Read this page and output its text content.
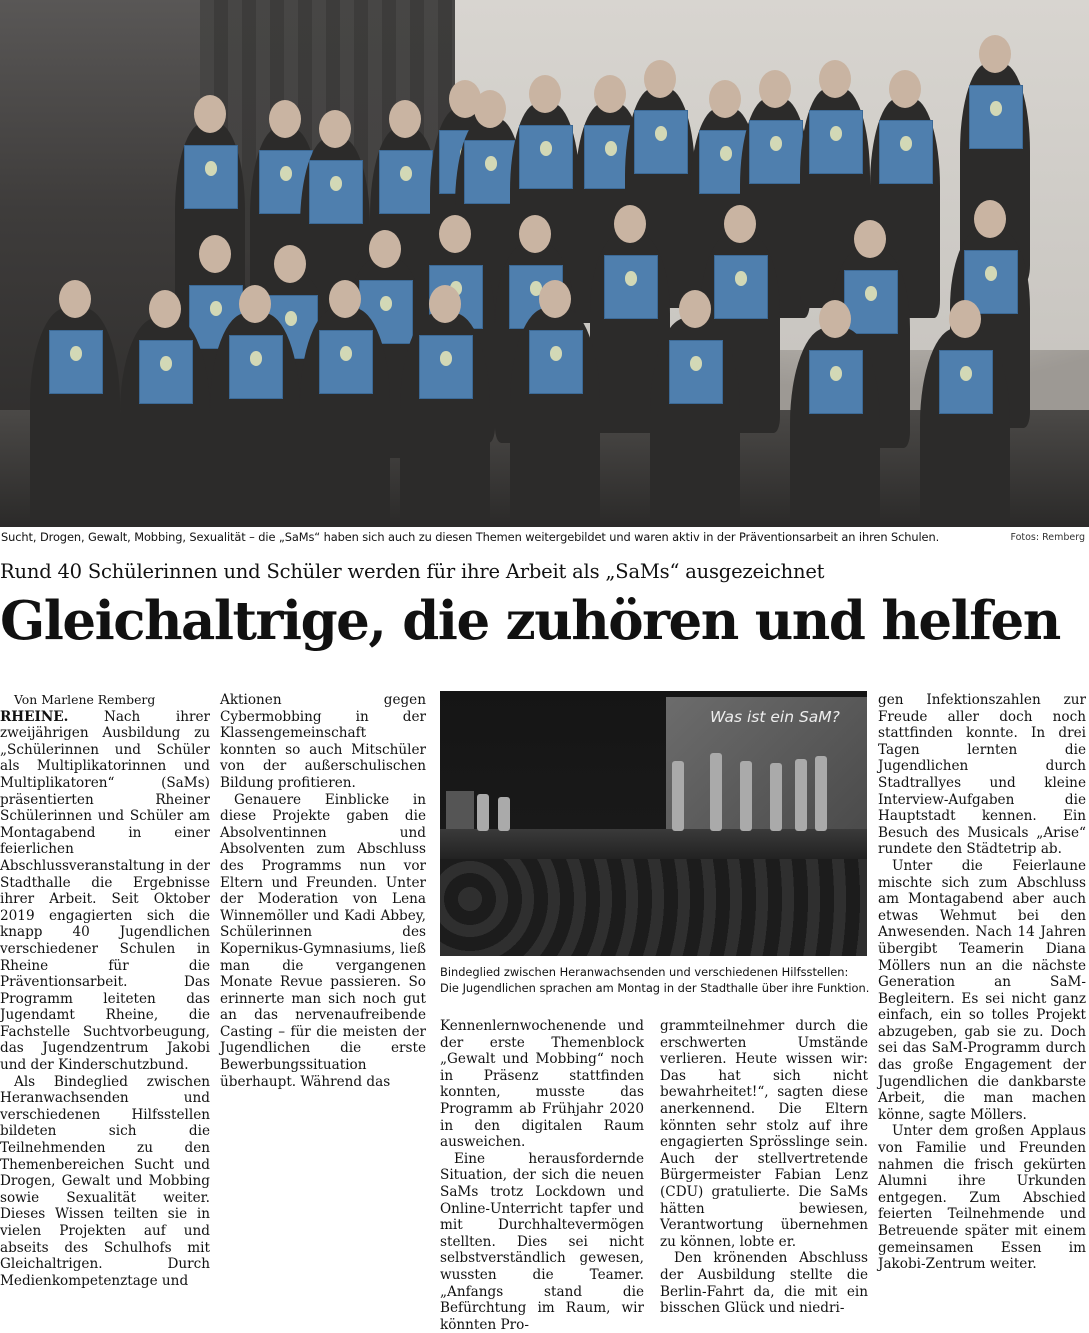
Sucht, Drogen, Gewalt, Mobbing, Sexualität – die „SaMs“ haben sich auch zu diesen Themen weitergebildet und waren aktiv in der Präventionsarbeit an ihren Schulen.	Fotos: Remberg
Rund 40 Schülerinnen und Schüler werden für ihre Arbeit als „SaMs“ ausgezeichnet
Gleichaltrige, die zuhören und helfen

Von Marlene Remberg

RHEINE.	Nach ihrer zweijährigen Ausbildung zu „Schülerinnen und Schüler als Multiplikatorinnen und Multiplikatoren“ (SaMs) präsentierten Rheiner Schülerinnen und Schüler am Montagabend in einer feierlichen Abschlussveranstaltung in der Stadthalle die Ergebnisse ihrer Arbeit. Seit Oktober 2019 engagierten sich die knapp 40 Jugendlichen verschiedener Schulen in Rheine für die Präventionsarbeit. Das Programm leiteten das Jugendamt Rheine, die Fachstelle Suchtvorbeugung, das Jugendzentrum Jakobi und der Kinderschutzbund.

Als Bindeglied zwischen Heranwachsenden und verschiedenen Hilfsstellen bildeten sich die Teilnehmenden zu den Themenbereichen Sucht und Drogen, Gewalt und Mobbing sowie Sexualität weiter. Dieses Wissen teilten sie in vielen Projekten auf und abseits des Schulhofs mit Gleichaltrigen. Durch Medienkompetenztage und

Aktionen gegen Cybermobbing in der Klassengemeinschaft konnten so auch Mitschüler von der außerschulischen Bildung profitieren.

Genauere Einblicke in diese Projekte gaben die Absolventinnen und Absolventen zum Abschluss des Programms nun vor Eltern und Freunden. Unter der Moderation von Lena Winnemöller und Kadi Abbey, Schülerinnen des Kopernikus-Gymnasiums, ließ man die vergangenen Monate Revue passieren. So erinnerte man sich noch gut an das nervenaufreibende Casting – für die meisten der Jugendlichen die erste Bewerbungssituation überhaupt. Während das

Was ist ein SaM?
Bindeglied zwischen Heranwachsenden und verschiedenen Hilfsstellen: Die Jugendlichen sprachen am Montag in der Stadthalle über ihre Funktion.

Kennenlernwochenende und der erste Themenblock „Gewalt und Mobbing“ noch in Präsenz stattfinden konnten, musste das Programm ab Frühjahr 2020 in den digitalen Raum ausweichen.

Eine herausfordernde Situation, der sich die neuen SaMs trotz Lockdown und Online-Unterricht tapfer und mit Durchhaltevermögen stellten. Dies sei nicht selbstverständlich gewesen, wussten die Teamer. „Anfangs stand die Befürchtung im Raum, wir könnten Pro-

grammteilnehmer durch die erschwerten Umstände verlieren. Heute wissen wir: Das hat sich nicht bewahrheitet!“, sagten diese anerkennend. Die Eltern könnten sehr stolz auf ihre engagierten Sprösslinge sein. Auch der stellvertretende Bürgermeister Fabian Lenz (CDU) gratulierte. Die SaMs hätten bewiesen, Verantwortung übernehmen zu können, lobte er.

Den krönenden Abschluss der Ausbildung stellte die Berlin-Fahrt da, die mit ein bisschen Glück und niedri-

gen Infektionszahlen zur Freude aller doch noch stattfinden konnte. In drei Tagen lernten die Jugendlichen durch Stadtrallyes und kleine Interview-Aufgaben die Hauptstadt kennen. Ein Besuch des Musicals „Arise“ rundete den Städtetrip ab.

Unter die Feierlaune mischte sich zum Abschluss am Montagabend aber auch etwas Wehmut bei den Anwesenden. Nach 14 Jahren übergibt Teamerin Diana Möllers nun an die nächste Generation an SaM-Begleitern. Es sei nicht ganz einfach, ein so tolles Projekt abzugeben, gab sie zu. Doch sei das SaM-Programm durch das große Engagement der Jugendlichen die dankbarste Arbeit, die man machen könne, sagte Möllers.

Unter dem großen Applaus von Familie und Freunden nahmen die frisch gekürten Alumni ihre Urkunden entgegen. Zum Abschied feierten Teilnehmende und Betreuende später mit einem gemeinsamen Essen im Jakobi-Zentrum weiter.
